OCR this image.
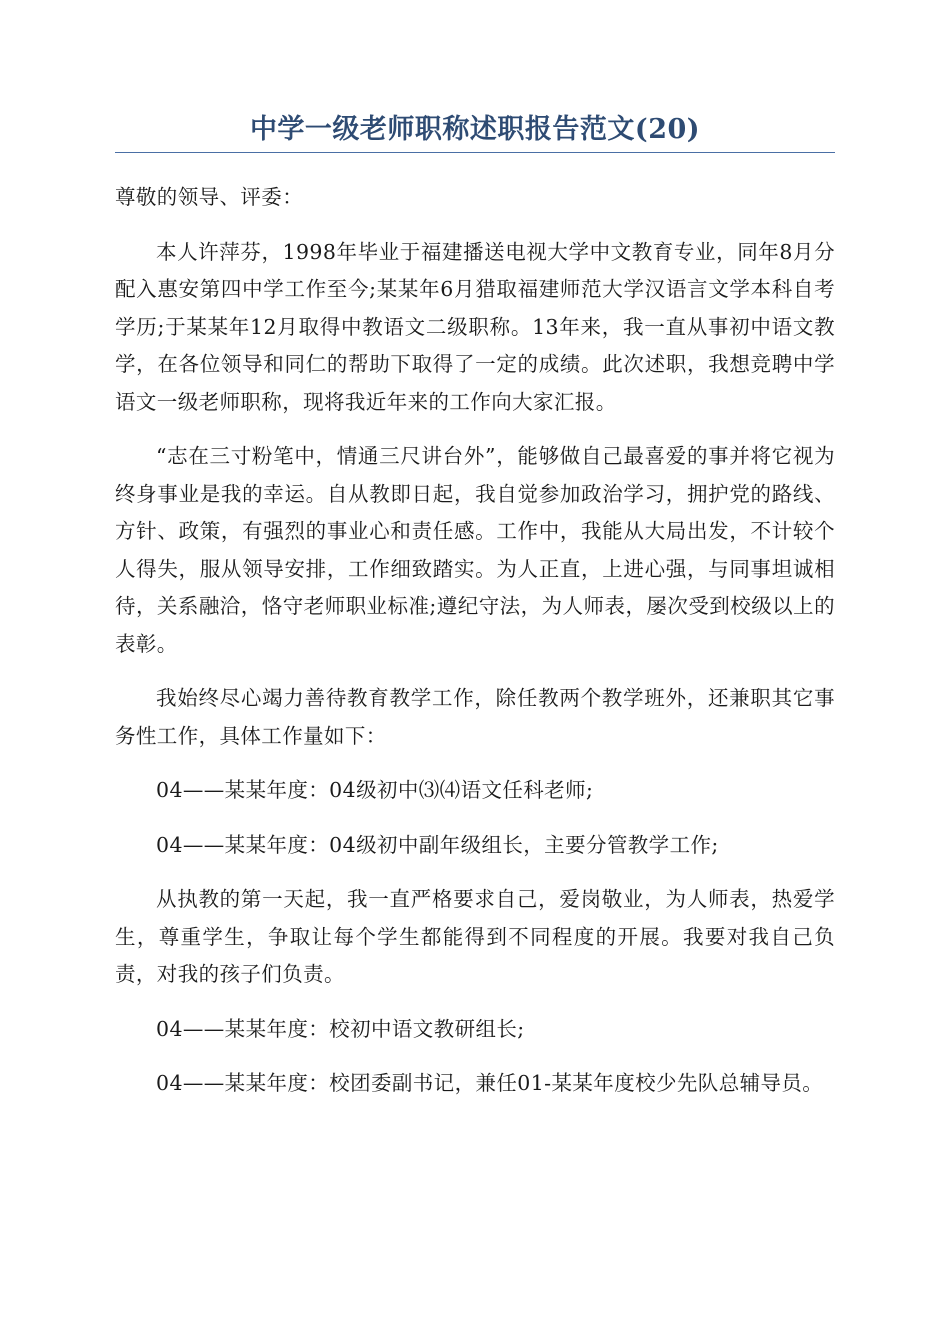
中学一级老师职称述职报告范文(20)

尊敬的领导、评委：

本人许萍芬，1998年毕业于福建播送电视大学中文教育专业，同年8月分配入惠安第四中学工作至今;某某年6月猎取福建师范大学汉语言文学本科自考学历;于某某年12月取得中教语文二级职称。13年来，我一直从事初中语文教学，在各位领导和同仁的帮助下取得了一定的成绩。此次述职，我想竞聘中学语文一级老师职称，现将我近年来的工作向大家汇报。

“志在三寸粉笔中，情通三尺讲台外”，能够做自己最喜爱的事并将它视为终身事业是我的幸运。自从教即日起，我自觉参加政治学习，拥护党的路线、方针、政策，有强烈的事业心和责任感。工作中，我能从大局出发，不计较个人得失，服从领导安排，工作细致踏实。为人正直，上进心强，与同事坦诚相待，关系融洽，恪守老师职业标准;遵纪守法，为人师表，屡次受到校级以上的表彰。

我始终尽心竭力善待教育教学工作，除任教两个教学班外，还兼职其它事务性工作，具体工作量如下：

04——某某年度：04级初中⑶⑷语文任科老师;

04——某某年度：04级初中副年级组长，主要分管教学工作;

从执教的第一天起，我一直严格要求自己，爱岗敬业，为人师表，热爱学生，尊重学生，争取让每个学生都能得到不同程度的开展。我要对我自己负责，对我的孩子们负责。

04——某某年度：校初中语文教研组长;

04——某某年度：校团委副书记，兼任01-某某年度校少先队总辅导员。
